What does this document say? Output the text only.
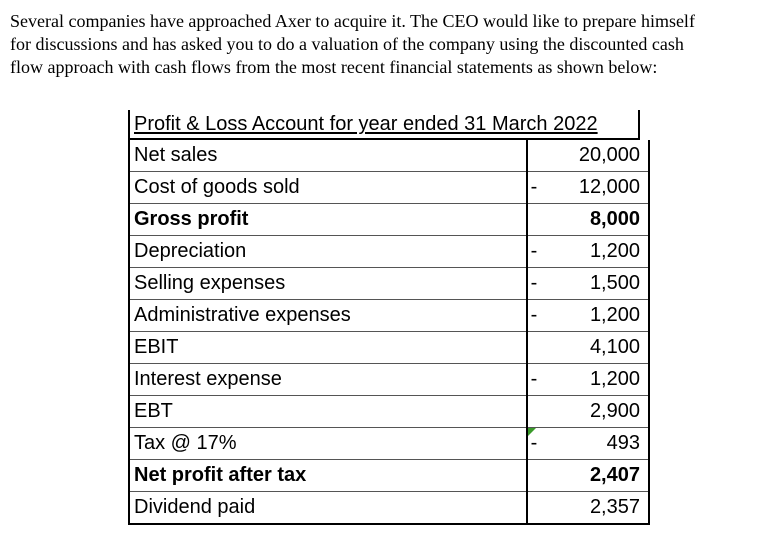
Several companies have approached Axer to acquire it. The CEO would like to prepare himself

for discussions and has asked you to do a valuation of the company using the discounted cash

flow approach with cash flows from the most recent financial statements as shown below:

Profit & Loss Account for year ended 31 March 2022
Net sales		20,000
Cost of goods sold	-	12,000
Gross profit		8,000
Depreciation	-	1,200
Selling expenses	-	1,500
Administrative expenses	-	1,200
EBIT		4,100
Interest expense	-	1,200
EBT		2,900
Tax @ 17%	-	493
Net profit after tax		2,407
Dividend paid		2,357
